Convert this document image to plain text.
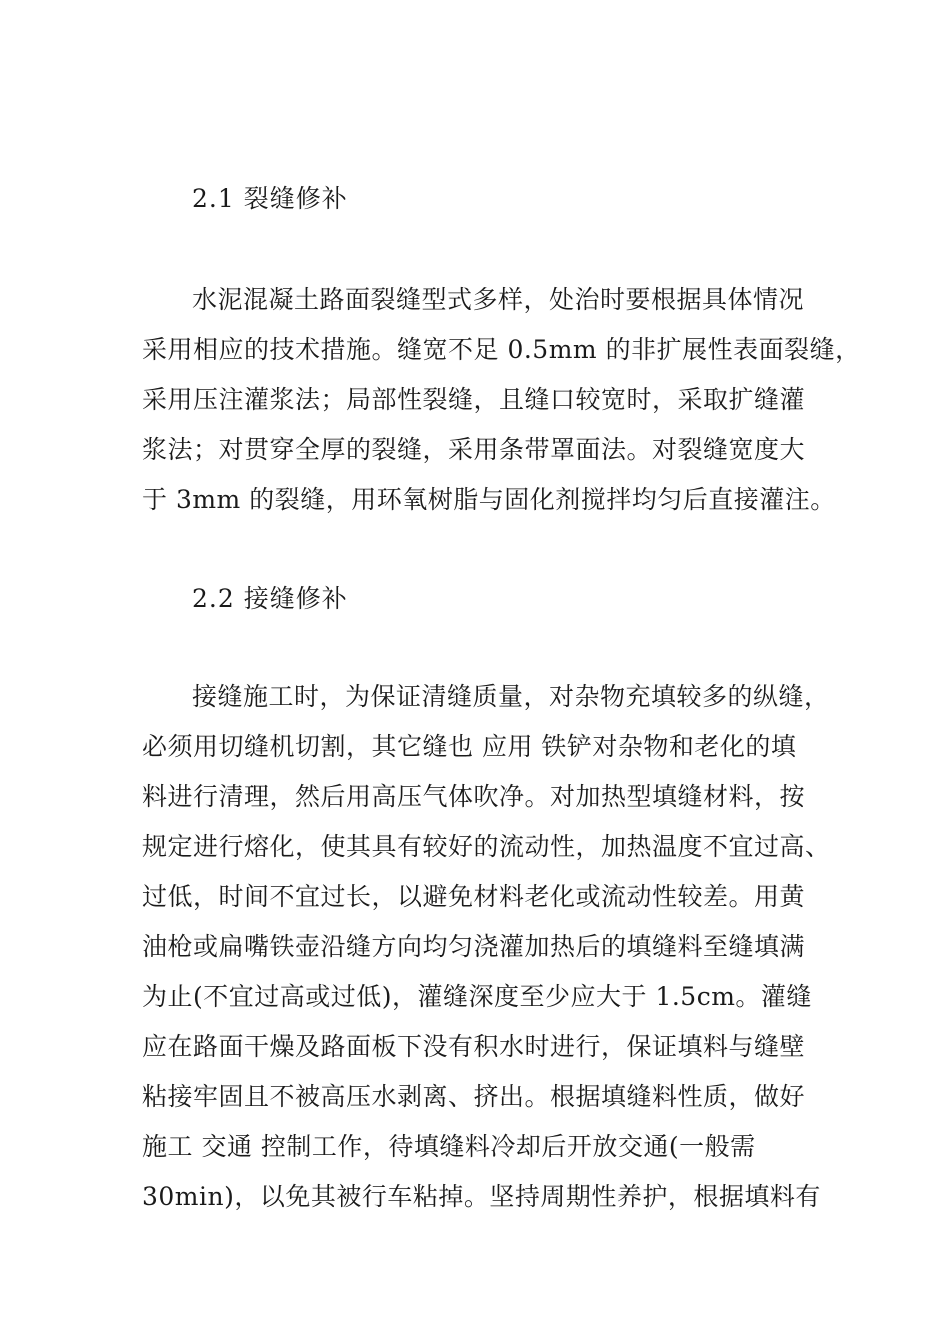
2.1 裂缝修补
水泥混凝土路面裂缝型式多样，处治时要根据具体情况
采用相应的技术措施。缝宽不足 0.5mm 的非扩展性表面裂缝，
采用压注灌浆法；局部性裂缝，且缝口较宽时，采取扩缝灌
浆法；对贯穿全厚的裂缝，采用条带罩面法。对裂缝宽度大
于 3mm 的裂缝，用环氧树脂与固化剂搅拌均匀后直接灌注。
2.2 接缝修补
接缝施工时，为保证清缝质量，对杂物充填较多的纵缝，
必须用切缝机切割，其它缝也 应用 铁铲对杂物和老化的填
料进行清理，然后用高压气体吹净。对加热型填缝材料，按
规定进行熔化，使其具有较好的流动性，加热温度不宜过高、
过低，时间不宜过长，以避免材料老化或流动性较差。用黄
油枪或扁嘴铁壶沿缝方向均匀浇灌加热后的填缝料至缝填满
为止(不宜过高或过低)，灌缝深度至少应大于 1.5cm。灌缝
应在路面干燥及路面板下没有积水时进行，保证填料与缝壁
粘接牢固且不被高压水剥离、挤出。根据填缝料性质，做好
施工 交通 控制工作，待填缝料冷却后开放交通(一般需
30min)，以免其被行车粘掉。坚持周期性养护，根据填料有
